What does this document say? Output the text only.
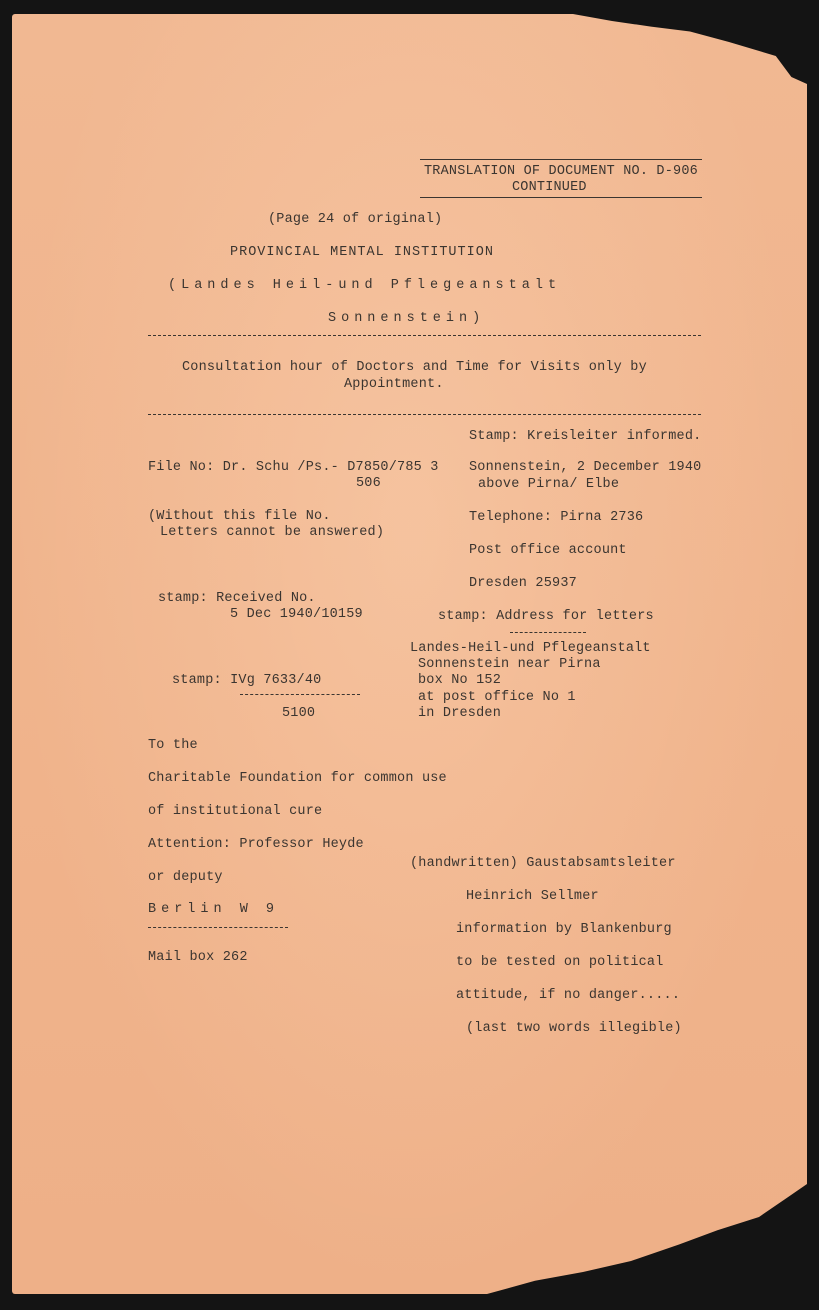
TRANSLATION OF DOCUMENT NO. D-906
CONTINUED
(Page 24 of original)
PROVINCIAL MENTAL INSTITUTION
(Landes Heil-und Pflegeanstalt
Sonnenstein)
Consultation hour of Doctors and Time for Visits only by
Appointment.
Stamp: Kreisleiter informed.
Sonnenstein, 2 December 1940
above Pirna/ Elbe
Telephone: Pirna 2736
Post office account
Dresden 25937
stamp: Address for letters
Landes-Heil-und Pflegeanstalt
Sonnenstein near Pirna
box No 152
at post office No 1
in Dresden
File No: Dr. Schu /Ps.- D7850/785 3
506
(Without this file No.
Letters cannot be answered)
stamp: Received No.
5 Dec 1940/10159
stamp: IVg 7633/40
5100
To the
Charitable Foundation for common use
of institutional cure
Attention: Professor Heyde
or deputy
Berlin W 9
Mail box 262
(handwritten) Gaustabsamtsleiter
Heinrich Sellmer
information by Blankenburg
to be tested on political
attitude, if no danger.....
(last two words illegible)
